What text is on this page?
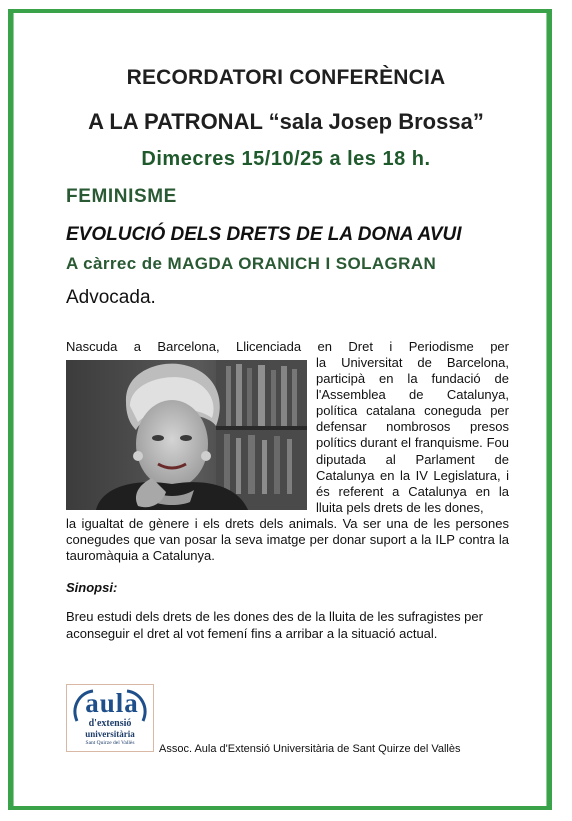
RECORDATORI CONFERÈNCIA
A LA PATRONAL “sala Josep Brossa”
Dimecres 15/10/25 a les 18 h.
FEMINISME
EVOLUCIÓ DELS DRETS DE LA DONA AVUI
A càrrec de MAGDA ORANICH I SOLAGRAN
Advocada.
Nascuda a Barcelona, Llicenciada en Dret i Periodisme per
la Universitat de Barcelona, participà en la fundació de l'Assemblea de Catalunya, política catalana coneguda per defensar nombrosos presos polítics durant el franquisme. Fou diputada al Parlament de Catalunya en la IV Legislatura, i és referent a Catalunya en la lluita pels drets de les dones,
la igualtat de gènere i els drets dels animals. Va ser una de les persones conegudes que van posar la seva imatge per donar suport a la ILP contra la tauromàquia a Catalunya.
Sinopsi:
Breu estudi dels drets de les dones des de la lluita de les sufragistes per aconseguir el dret al vot femení fins a arribar a la situació actual.
aula
d'extensió
universitària
Sant Quirze del Vallès	Assoc. Aula d'Extensió Universitària de Sant Quirze del Vallès
